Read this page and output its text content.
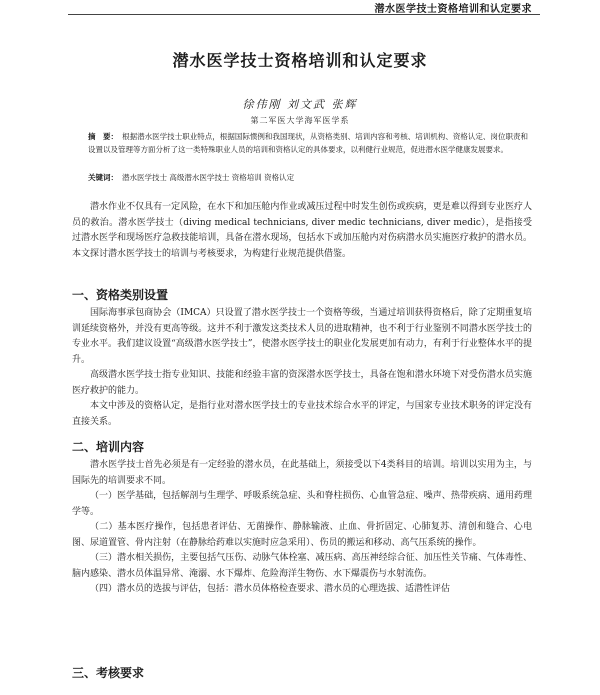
潜水医学技士资格培训和认定要求
潜水医学技士资格培训和认定要求
徐伟刚 刘文武 张辉
第二军医大学海军医学系
摘　要： 根据潜水医学技士职业特点，根据国际惯例和我国现状，从资格类别、培训内容和考核、培训机构、资格认定、岗位职责和设置以及管理等方面分析了这一类特殊职业人员的培训和资格认定的具体要求，以利健行业规范，促进潜水医学健康发展要求。
关键词： 潜水医学技士 高级潜水医学技士 资格培训 资格认定

潜水作业不仅具有一定风险，在水下和加压舱内作业或减压过程中时发生创伤或疾病，更是难以得到专业医疗人员的救治。潜水医学技士（diving medical technicians, diver medic technicians, diver medic），是指接受过潜水医学和现场医疗急救技能培训，具备在潜水现场，包括水下或加压舱内对伤病潜水员实施医疗救护的潜水员。本文探讨潜水医学技士的培训与考核要求，为构建行业规范提供借鉴。

一、资格类别设置

国际海事承包商协会（IMCA）只设置了潜水医学技士一个资格等级，当通过培训获得资格后，除了定期重复培训延续资格外，并没有更高等级。这并不利于激发这类技术人员的进取精神，也不利于行业鉴别不同潜水医学技士的专业水平。我们建议设置“高级潜水医学技士”，使潜水医学技士的职业化发展更加有动力，有利于行业整体水平的提升。

高级潜水医学技士指专业知识、技能和经验丰富的资深潜水医学技士，具备在饱和潜水环境下对受伤潜水员实施医疗救护的能力。

本文中涉及的资格认定，是指行业对潜水医学技士的专业技术综合水平的评定，与国家专业技术职务的评定没有直接关系。

二、培训内容

潜水医学技士首先必须是有一定经验的潜水员，在此基础上，须接受以下4类科目的培训。培训以实用为主，与国际先的培训要求不同。

（一）医学基础，包括解剖与生理学、呼吸系统急症、头和脊柱损伤、心血管急症、噪声、热带疾病、通用药理学等。

（二）基本医疗操作，包括患者评估、无菌操作、静脉输液、止血、骨折固定、心肺复苏、清创和缝合、心电图、尿道置管、骨内注射（在静脉给药难以实施时应急采用）、伤员的搬运和移动、高气压系统的操作。

（三）潜水相关损伤，主要包括气压伤、动脉气体栓塞、减压病、高压神经综合征、加压性关节痛、气体毒性、脑内感染、潜水员体温异常、淹溺、水下爆炸、危险海洋生物伤、水下爆震伤与水射流伤。

（四）潜水员的选拔与评估，包括：潜水员体格检查要求、潜水员的心理选拔、适潜性评估

三、考核要求
